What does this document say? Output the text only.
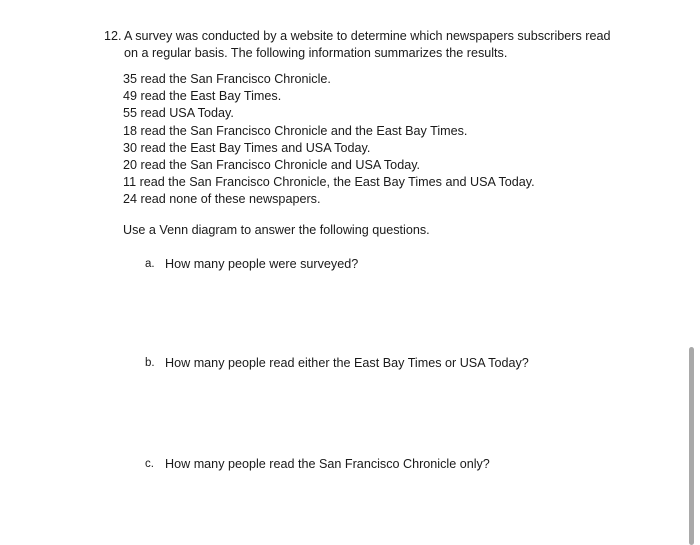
12. A survey was conducted by a website to determine which newspapers subscribers read
on a regular basis. The following information summarizes the results.
35 read the San Francisco Chronicle.
49 read the East Bay Times.
55 read USA Today.
18 read the San Francisco Chronicle and the East Bay Times.
30 read the East Bay Times and USA Today.
20 read the San Francisco Chronicle and USA Today.
11 read the San Francisco Chronicle, the East Bay Times and USA Today.
24 read none of these newspapers.
Use a Venn diagram to answer the following questions.
a. How many people were surveyed?
b. How many people read either the East Bay Times or USA Today?
c. How many people read the San Francisco Chronicle only?
